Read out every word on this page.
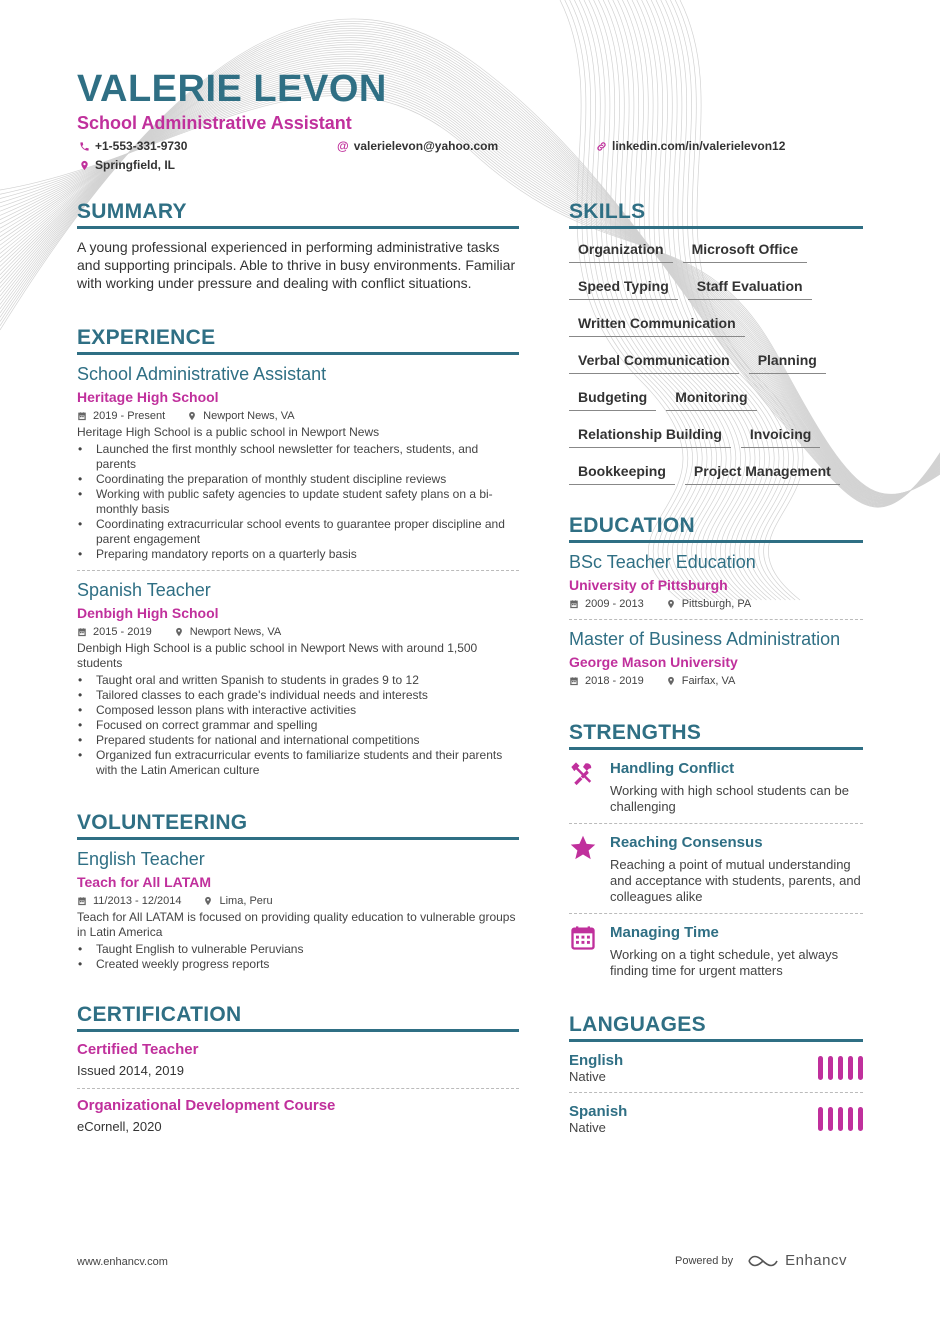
VALERIE LEVON
School Administrative Assistant
+1-553-331-9730	@ valerielevon@yahoo.com	linkedin.com/in/valerielevon12
Springfield, IL
SUMMARY
A young professional experienced in performing administrative tasks and supporting principals. Able to thrive in busy environments. Familiar with working under pressure and dealing with conflict situations.
EXPERIENCE
School Administrative Assistant
Heritage High School
2019 - Present	Newport News, VA
Heritage High School is a public school in Newport News
• Launched the first monthly school newsletter for teachers, students, and parents
• Coordinating the preparation of monthly student discipline reviews
• Working with public safety agencies to update student safety plans on a bi-monthly basis
• Coordinating extracurricular school events to guarantee proper discipline and parent engagement
• Preparing mandatory reports on a quarterly basis
Spanish Teacher
Denbigh High School
2015 - 2019	Newport News, VA
Denbigh High School is a public school in Newport News with around 1,500 students
• Taught oral and written Spanish to students in grades 9 to 12
• Tailored classes to each grade's individual needs and interests
• Composed lesson plans with interactive activities
• Focused on correct grammar and spelling
• Prepared students for national and international competitions
• Organized fun extracurricular events to familiarize students and their parents with the Latin American culture
VOLUNTEERING
English Teacher
Teach for All LATAM
11/2013 - 12/2014	Lima, Peru
Teach for All LATAM is focused on providing quality education to vulnerable groups in Latin America
• Taught English to vulnerable Peruvians
• Created weekly progress reports
CERTIFICATION
Certified Teacher
Issued 2014, 2019
Organizational Development Course
eCornell, 2020
SKILLS
Organization	Microsoft Office
Speed Typing	Staff Evaluation
Written Communication
Verbal Communication	Planning
Budgeting	Monitoring
Relationship Building	Invoicing
Bookkeeping	Project Management
EDUCATION
BSc Teacher Education
University of Pittsburgh
2009 - 2013	Pittsburgh, PA
Master of Business Administration
George Mason University
2018 - 2019	Fairfax, VA
STRENGTHS
Handling Conflict
Working with high school students can be challenging
Reaching Consensus
Reaching a point of mutual understanding and acceptance with students, parents, and colleagues alike
Managing Time
Working on a tight schedule, yet always finding time for urgent matters
LANGUAGES
English
Native
Spanish
Native
www.enhancv.com	Powered by	Enhancv
